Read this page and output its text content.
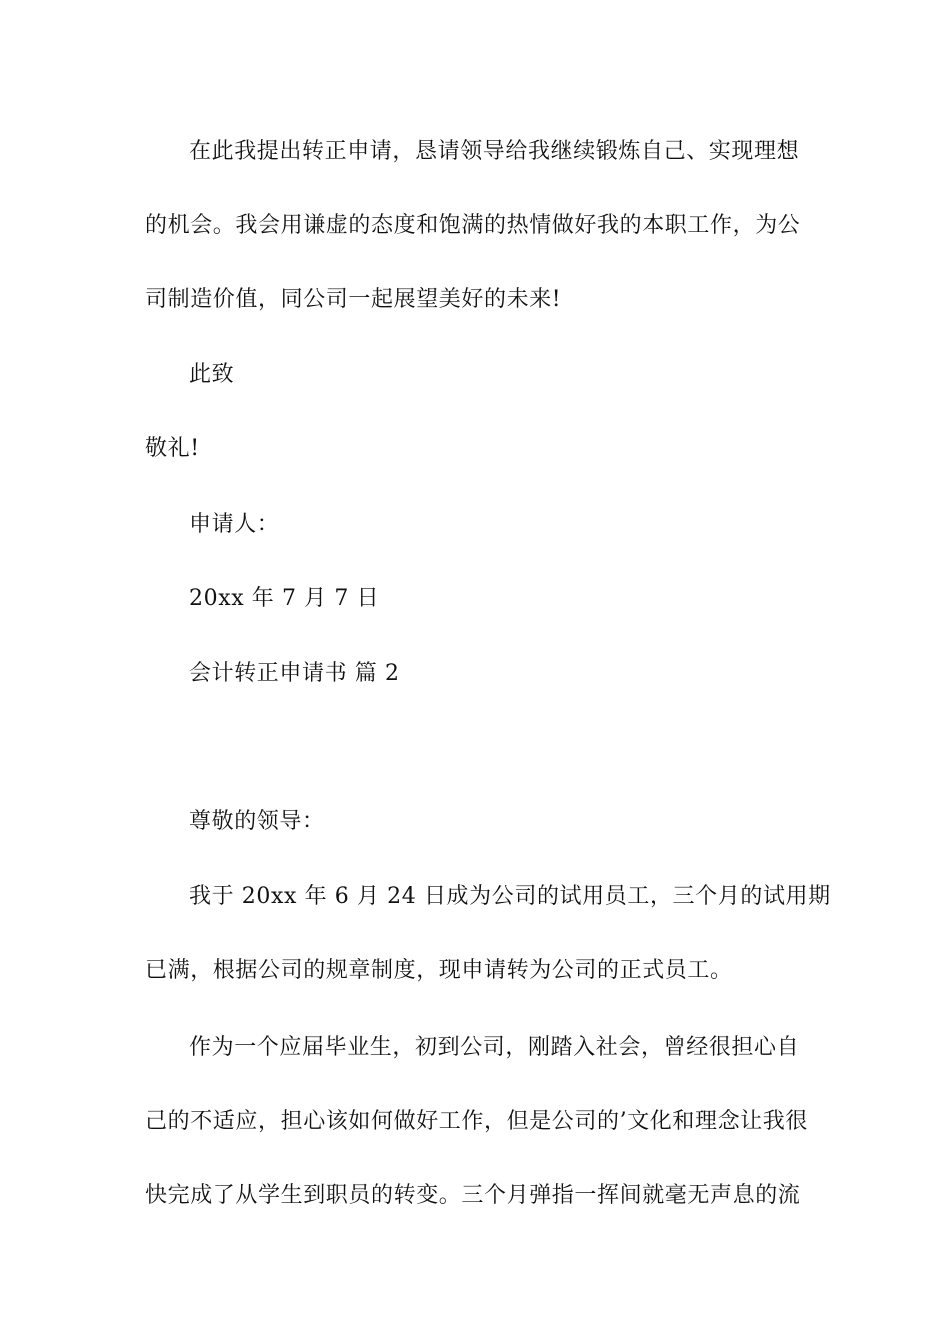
在此我提出转正申请，恳请领导给我继续锻炼自己、实现理想
的机会。我会用谦虚的态度和饱满的热情做好我的本职工作，为公
司制造价值，同公司一起展望美好的未来!
此致
敬礼!
申请人：
20xx 年 7 月 7 日
会计转正申请书 篇 2
尊敬的领导：
我于 20xx 年 6 月 24 日成为公司的试用员工，三个月的试用期
已满，根据公司的规章制度，现申请转为公司的正式员工。
作为一个应届毕业生，初到公司，刚踏入社会，曾经很担心自
己的不适应，担心该如何做好工作，但是公司的’文化和理念让我很
快完成了从学生到职员的转变。三个月弹指一挥间就毫无声息的流
